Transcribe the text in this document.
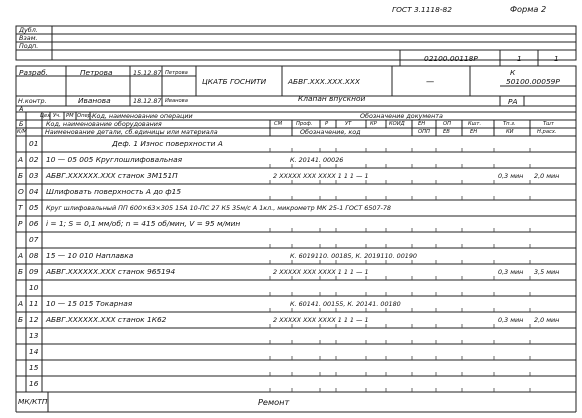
ГОСТ 3.1118-82	Форма 2
Дубл.
Взам.
Подп.
02100.00118Р	1	1
Разраб.	Петрова	15.12.87 Петрова
ЦКАТБ ГОСНИТИ	АБВГ.XXX.XXX.XXX	—
К
50100.00059Р
Клапан впускной	РА
Н.контр.	Иванова	18.12.87 Иванова
А
Цех Уч. РМ Опер. Код, наименование операции	Обозначение документа
Б	Код, наименование оборудования	СМ	Проф. Р	УТ	КР КОИД	ЕН	ОП	Кшт.	Тп.з.	Тшт
К/М	Наименование детали, сб.единицы или материала	Обозначение, код	ОПП	ЕВ	ЕН	КИ	Н.расх.
01	Деф. 1 Износ поверхности А
А 02 10 — 05 005 Круглошлифовальная	К. 20141. 00026
Б 03 АБВГ.XXXXXX.XXX станок 3М151П	2 XXXXX XXX XXXX 1 1 1 — 1	0,3 мин 2,0 мин
О 04 Шлифовать поверхность А до ф15
Т 05 Круг шлифовальный ПП 600×63×305 15А 10-ПС 27 К5 35м/с А 1кл., микрометр МК 25-1 ГОСТ 6507-78
Р 06 i = 1; S = 0,1 мм/об; n = 415 об/мин, V = 95 м/мин
07
А 08 15 — 10 010 Наплавка	К. 6019110. 00185, К. 2019110. 00190
Б 09 АБВГ.XXXXXX.XXX станок 965194	2 XXXXX XXX XXXX 1 1 1 — 1	0,3 мин 3,5 мин
10
А 11 10 — 15 015 Токарная	К. 60141. 00155, К. 20141. 00180
Б 12 АБВГ.XXXXXX.XXX станок 1К62	2 XXXXX XXX XXXX 1 1 1 — 1	0,3 мин 2,0 мин
13
14
15
16
МК/КТП	Ремонт
